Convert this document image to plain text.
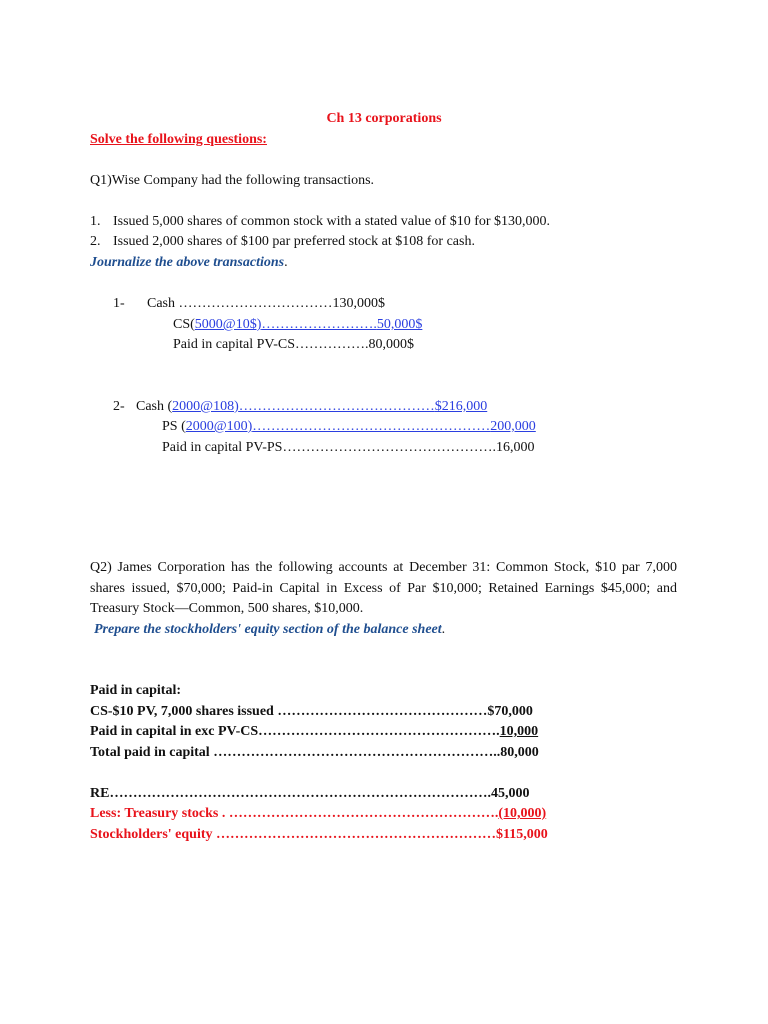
Ch 13 corporations
Solve the following questions:
Q1)Wise Company had the following transactions.
1. Issued 5,000 shares of common stock with a stated value of $10 for $130,000.
2. Issued 2,000 shares of $100 par preferred stock at $108 for cash.
Journalize the above transactions.
1- Cash ……………………………130,000$
CS(5000@10$)…………………….50,000$
Paid in capital PV-CS…………….80,000$
2- Cash (2000@108)……………………………………$216,000
PS (2000@100)……………………………………………200,000
Paid in capital PV-PS……………………………………….16,000
Q2) James Corporation has the following accounts at December 31: Common Stock, $10 par 7,000 shares issued, $70,000; Paid-in Capital in Excess of Par $10,000; Retained Earnings $45,000; and Treasury Stock—Common, 500 shares, $10,000.
Prepare the stockholders' equity section of the balance sheet.
Paid in capital:
CS-$10 PV, 7,000 shares issued ………………………………………$70,000
Paid in capital in exc PV-CS…………………………………………….10,000
Total paid in capital ……………………………………………………..80,000
RE……………………………………………………………………….45,000
Less: Treasury stocks . ………………………………………………….(10,000)
Stockholders' equity ……………………………………………………$115,000
